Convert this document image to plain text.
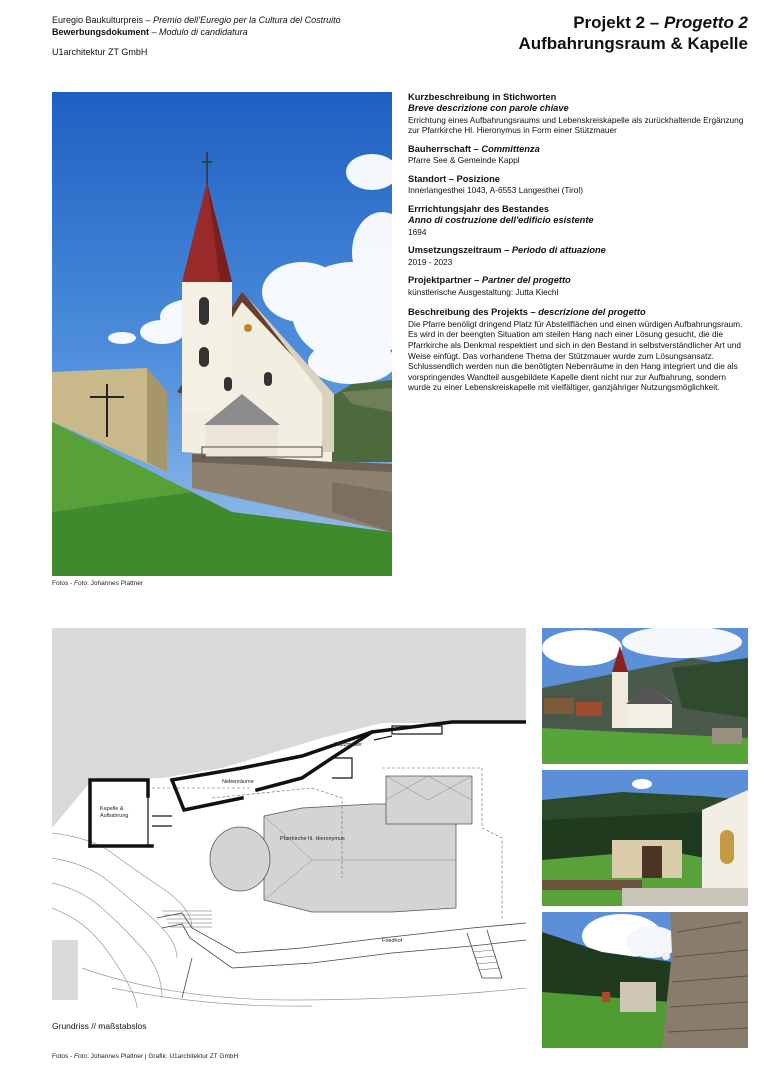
Euregio Baukulturpreis – Premio dell’Euregio per la Cultura del Costruito
Bewerbungsdokument – Modulo di candidatura
U1architektur ZT GmbH
Projekt 2 – Progetto 2
Aufbahrungsraum & Kapelle
Fotos - Foto: Johannes Plattner
Kurzbeschreibung in Stichworten
Breve descrizione con parole chiave
Errichtung eines Aufbahrungsraums und Lebenskreiskapelle als zurückhaltende Ergänzung zur Pfarrkirche Hl. Hieronymus in Form einer Stützmauer
Bauherrschaft – Committenza
Pfarre See & Gemeinde Kappl
Standort – Posizione
Innerlangesthei 1043, A-6553 Langesthei (Tirol)
Errrichtungsjahr des Bestandes
Anno di costruzione dell'edificio esistente
1694
Umsetzungszeitraum – Periodo di attuazione
2019 - 2023
Projektpartner – Partner del progetto
künstlerische Ausgestaltung: Jutta Kiechl
Beschreibung des Projekts – descrizione del progetto
Die Pfarre benöligt dringend Platz für Abstellflächen und einen würdigen Aufbahrungsraum. Es wird in der beengten Situation am steilen Hang nach einer Lösung gesucht, die die Pfarrkirche als Denkmal respektiert und sich in den Bestand in selbstverständlicher Art und Weise einfügt. Das vorhandene Thema der Stützmauer wurde zum Lösungsansatz. Schlussendlich werden nun die benötigten Nebenräume in den Hang integriert und die als vorspringendes Wandteil ausgebildete Kapelle dient nicht nur zur Aufbahrung, sondern wurde zu einer Lebenskreiskapelle mit vielfältiger, ganzjähriger Nutzungsmöglichkeit.
Kapelle &
Aufbahrung
Nebenräume
Stützmauer
Pfarrkirche hl. Hieronymus
Friedhof
Grundriss // maßstabslos
Fotos - Foto: Johannes Plattner | Grafik: U1architektur ZT GmbH
